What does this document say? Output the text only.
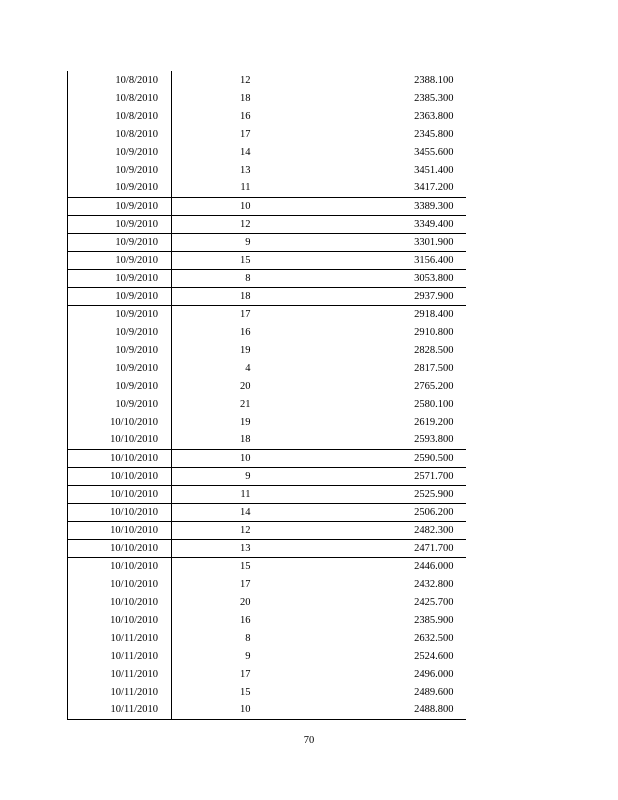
10/8/2010	12	2388.100
10/8/2010	18	2385.300
10/8/2010	16	2363.800
10/8/2010	17	2345.800
10/9/2010	14	3455.600
10/9/2010	13	3451.400
10/9/2010	11	3417.200
10/9/2010	10	3389.300
10/9/2010	12	3349.400
10/9/2010	9	3301.900
10/9/2010	15	3156.400
10/9/2010	8	3053.800
10/9/2010	18	2937.900
10/9/2010	17	2918.400
10/9/2010	16	2910.800
10/9/2010	19	2828.500
10/9/2010	4	2817.500
10/9/2010	20	2765.200
10/9/2010	21	2580.100
10/10/2010	19	2619.200
10/10/2010	18	2593.800
10/10/2010	10	2590.500
10/10/2010	9	2571.700
10/10/2010	11	2525.900
10/10/2010	14	2506.200
10/10/2010	12	2482.300
10/10/2010	13	2471.700
10/10/2010	15	2446.000
10/10/2010	17	2432.800
10/10/2010	20	2425.700
10/10/2010	16	2385.900
10/11/2010	8	2632.500
10/11/2010	9	2524.600
10/11/2010	17	2496.000
10/11/2010	15	2489.600
10/11/2010	10	2488.800
70
